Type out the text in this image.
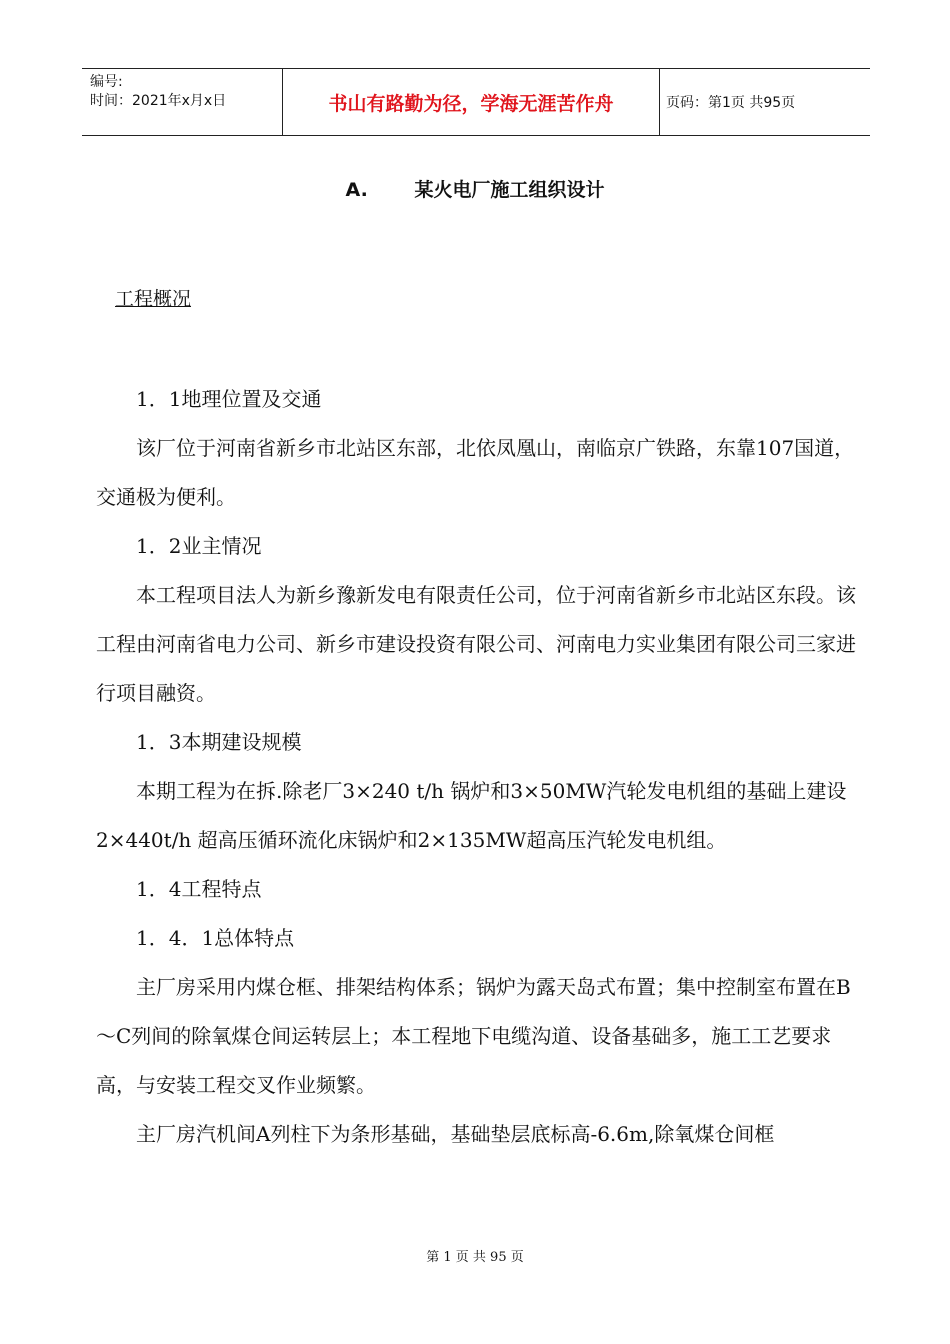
编号:
时间：2021年x月x日	书山有路勤为径，学海无涯苦作舟	页码：第1页 共95页
A. 某火电厂施工组织设计
工程概况

1．1地理位置及交通

该厂位于河南省新乡市北站区东部，北依凤凰山，南临京广铁路，东靠107国道，交通极为便利。

1．2业主情况

本工程项目法人为新乡豫新发电有限责任公司，位于河南省新乡市北站区东段。该工程由河南省电力公司、新乡市建设投资有限公司、河南电力实业集团有限公司三家进行项目融资。

1．3本期建设规模

本期工程为在拆.除老厂3×240 t/h 锅炉和3×50MW汽轮发电机组的基础上建设2×440t/h 超高压循环流化床锅炉和2×135MW超高压汽轮发电机组。

1．4工程特点

1．4．1总体特点

主厂房采用内煤仓框、排架结构体系；锅炉为露天岛式布置；集中控制室布置在B～C列间的除氧煤仓间运转层上；本工程地下电缆沟道、设备基础多，施工工艺要求高，与安装工程交叉作业频繁。

主厂房汽机间A列柱下为条形基础，基础垫层底标高-6.6m,除氧煤仓间框

第 1 页 共 95 页
